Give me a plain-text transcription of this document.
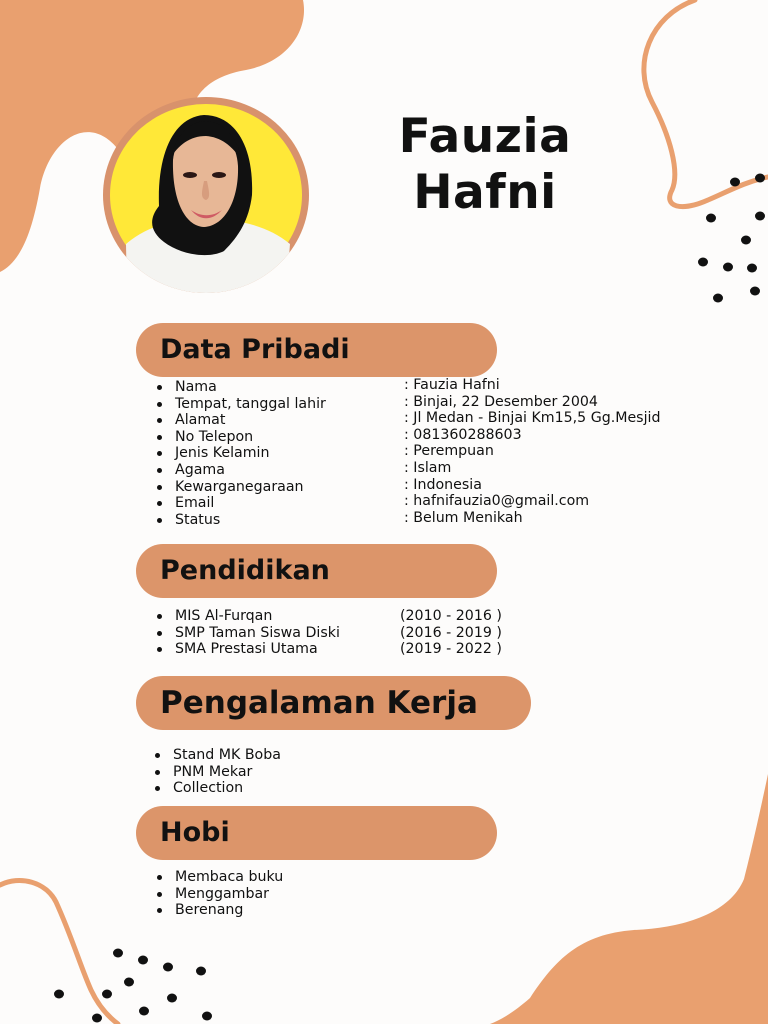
Fauzia
Hafni
Data Pribadi
Nama
Tempat, tanggal lahir
Alamat
No Telepon
Jenis Kelamin
Agama
Kewarganegaraan
Email
Status
: Fauzia Hafni
: Binjai, 22 Desember 2004
: Jl Medan - Binjai Km15,5 Gg.Mesjid
: 081360288603
: Perempuan
: Islam
: Indonesia
: hafnifauzia0@gmail.com
: Belum Menikah
Pendidikan
MIS Al-Furqan
SMP Taman Siswa Diski
SMA Prestasi Utama
(2010 - 2016 )
(2016 - 2019 )
(2019 - 2022 )
Pengalaman Kerja
Stand MK Boba
PNM Mekar
Collection
Hobi
Membaca buku
Menggambar
Berenang
